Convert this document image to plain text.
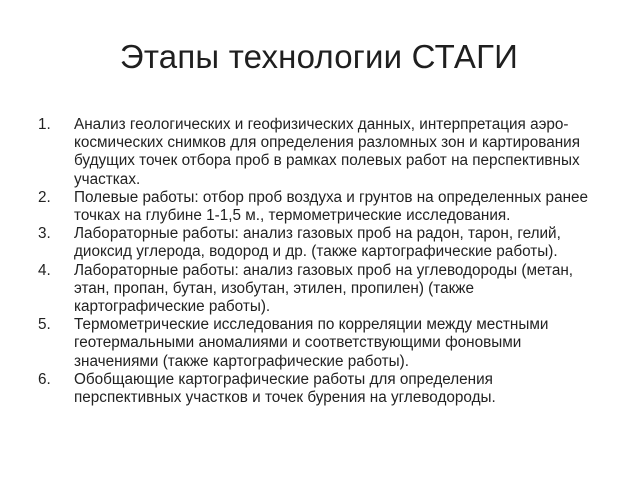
Этапы технологии СТАГИ
1.	Анализ геологических и геофизических данных, интерпретация аэро-космических снимков для определения разломных зон и картирования будущих точек отбора проб в рамках полевых работ на перспективных участках.
2.	Полевые работы: отбор проб воздуха и грунтов на определенных ранее точках на глубине 1-1,5 м., термометрические исследования.
3.	Лабораторные работы: анализ газовых проб на радон, тарон, гелий, диоксид углерода, водород и др. (также картографические работы).
4.	Лабораторные работы: анализ газовых проб на углеводороды (метан, этан, пропан, бутан, изобутан, этилен, пропилен) (также картографические работы).
5.	Термометрические исследования по корреляции между местными геотермальными аномалиями и соответствующими фоновыми значениями (также картографические работы).
6.	Обобщающие картографические работы для определения перспективных участков и точек бурения на углеводороды.
